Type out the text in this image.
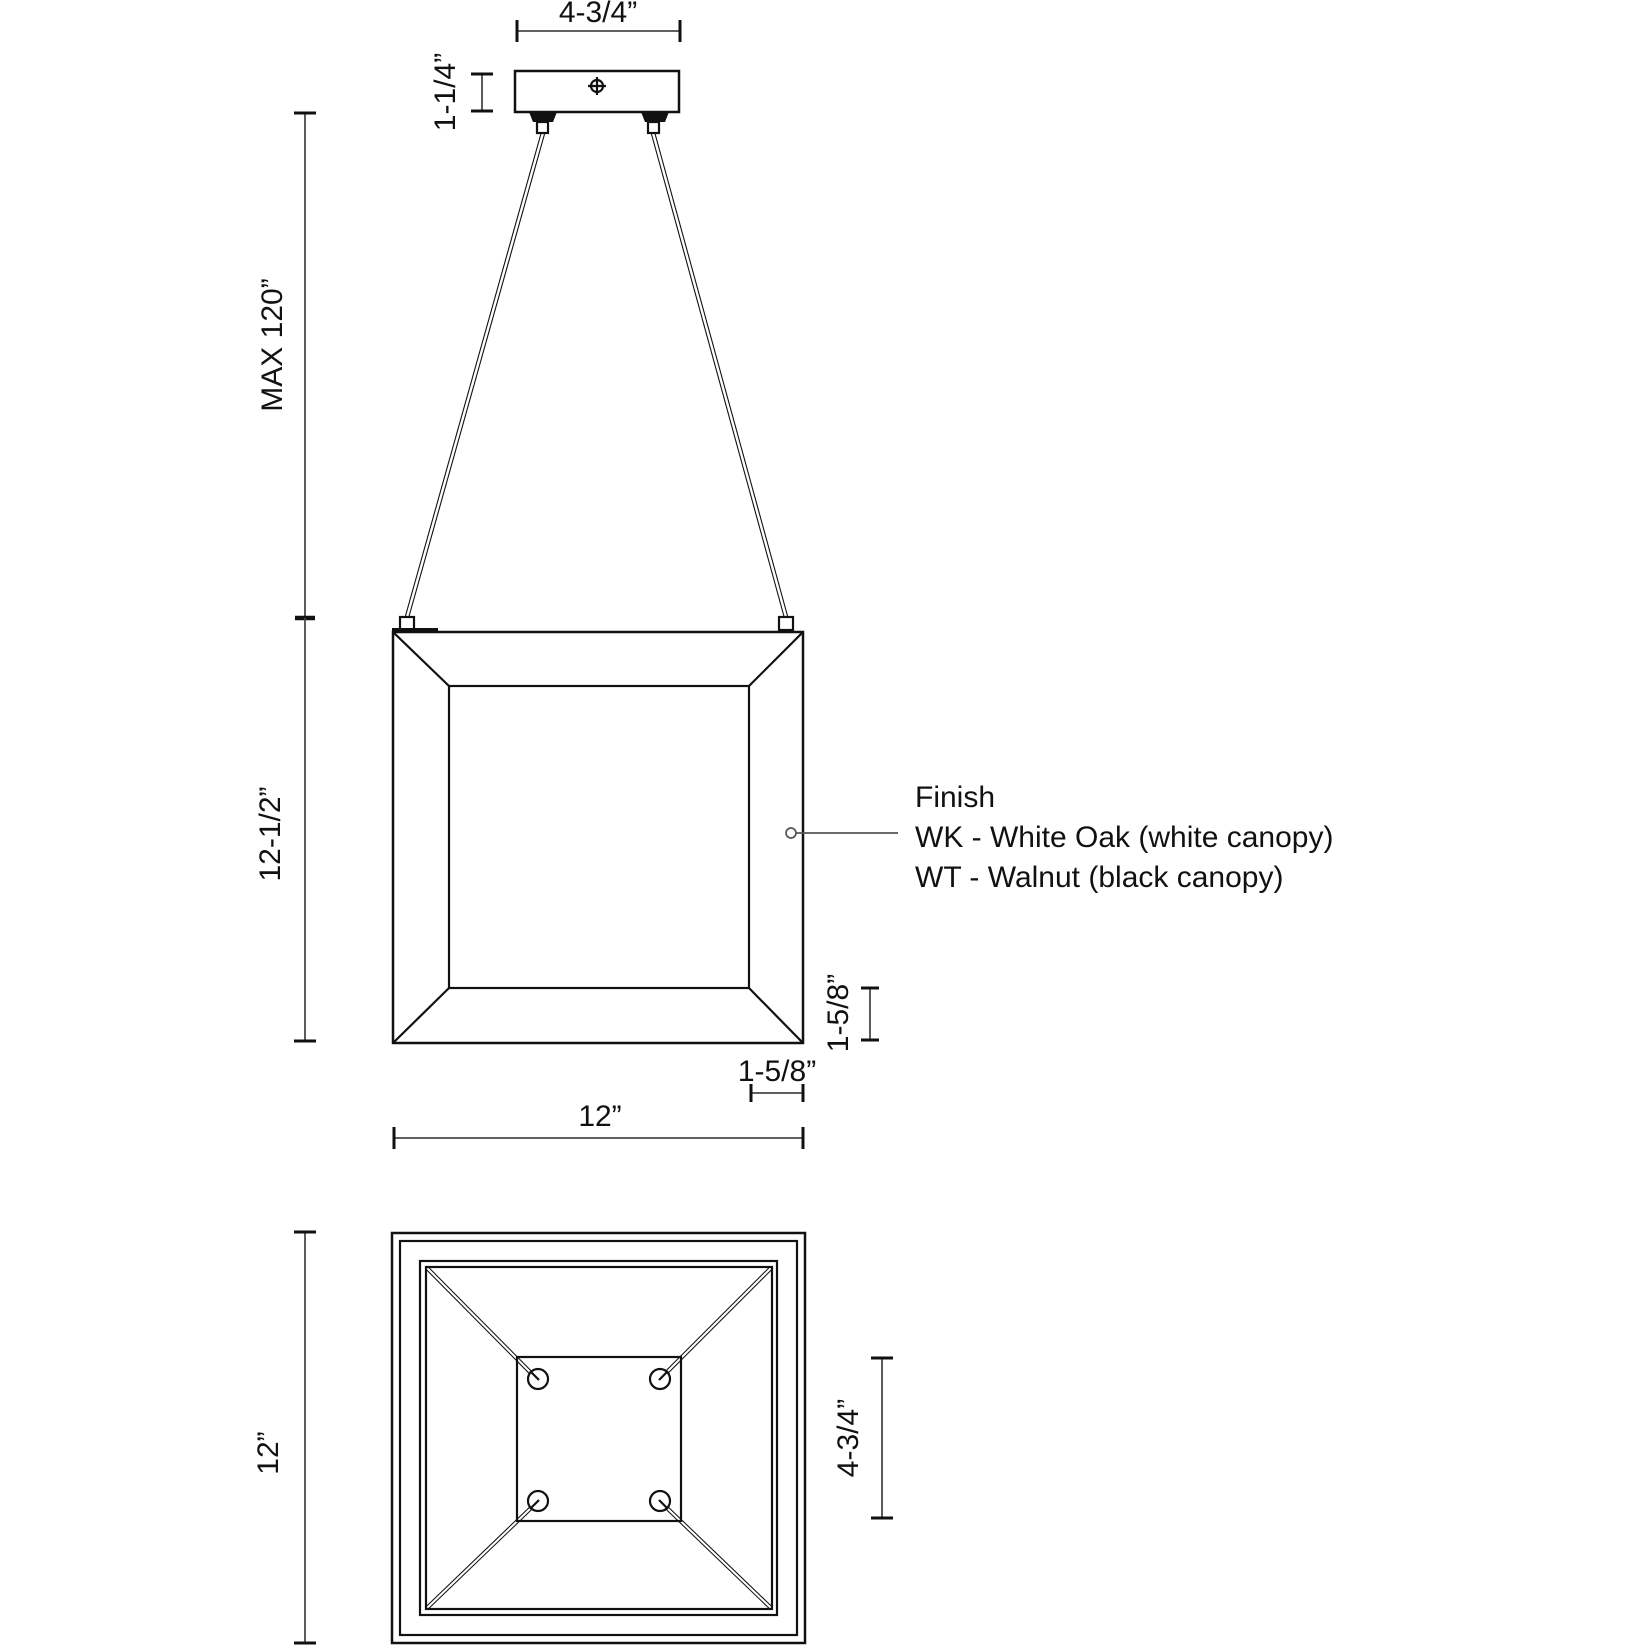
Finish
WK - White Oak (white canopy)
WT - Walnut (black canopy)
4-3/4”
1-1/4”
MAX 120”
12-1/2”
1-5/8”
1-5/8”
12”
12”	4-3/4”
